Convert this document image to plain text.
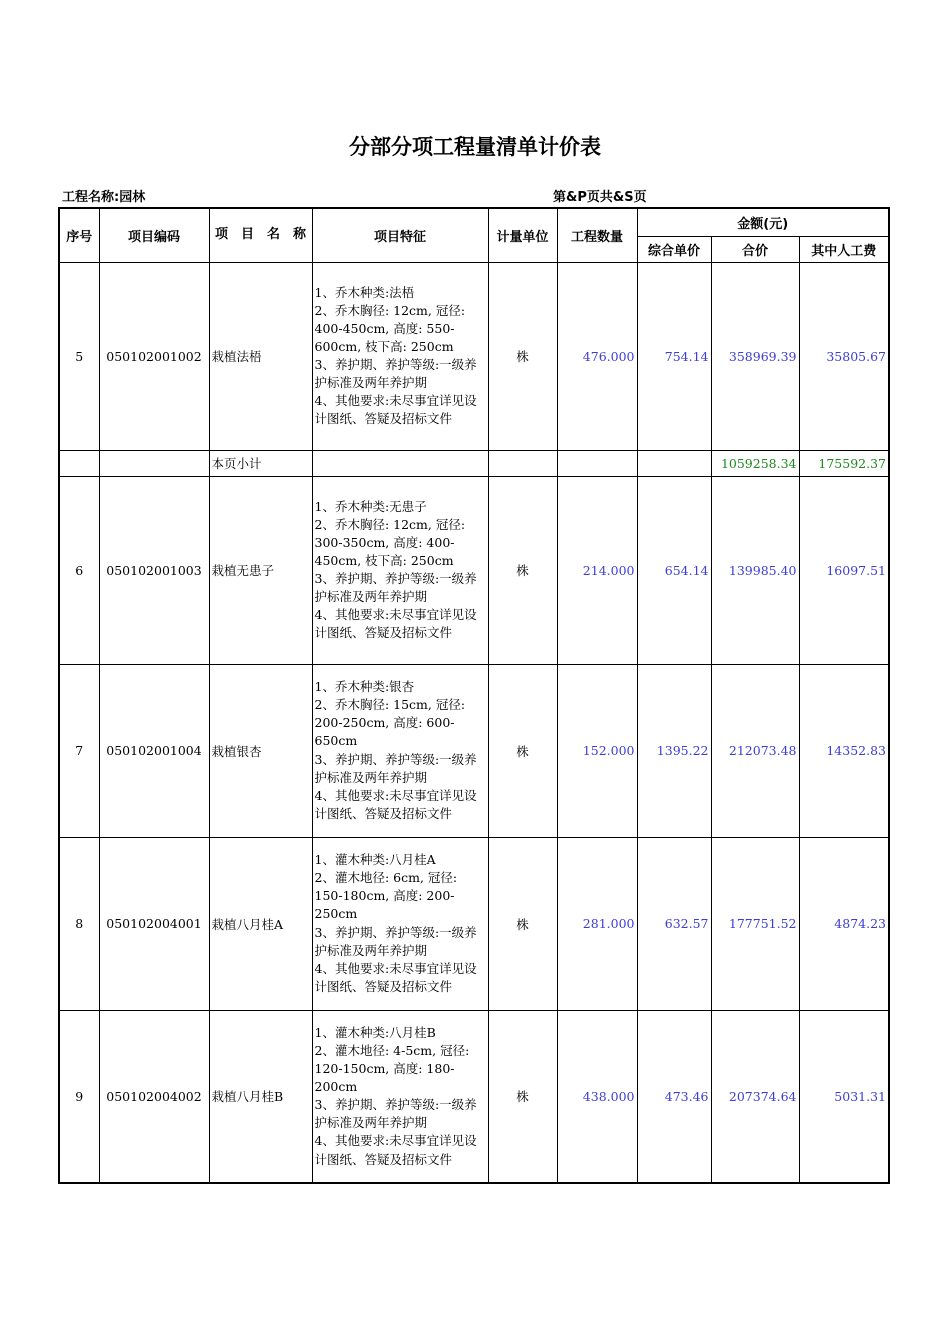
分部分项工程量清单计价表
工程名称:园林	第&P页共&S页
序号	项目编码	项　目　名　称	项目特征	计量单位	工程数量	金额(元)		
						综合单价	合价	其中人工费
5	050102001002	栽植法梧	1、乔木种类:法梧
2、乔木胸径: 12cm, 冠径: 400-450cm, 高度: 550-600cm, 枝下高: 250cm
3、养护期、养护等级:一级养护标准及两年养护期
4、其他要求:未尽事宜详见设计图纸、答疑及招标文件	株	476.000	754.14	358969.39	35805.67
		本页小计					1059258.34	175592.37
6	050102001003	栽植无患子	1、乔木种类:无患子
2、乔木胸径: 12cm, 冠径: 300-350cm, 高度: 400-450cm, 枝下高: 250cm
3、养护期、养护等级:一级养护标准及两年养护期
4、其他要求:未尽事宜详见设计图纸、答疑及招标文件	株	214.000	654.14	139985.40	16097.51
7	050102001004	栽植银杏	1、乔木种类:银杏
2、乔木胸径: 15cm, 冠径: 200-250cm, 高度: 600-650cm
3、养护期、养护等级:一级养护标准及两年养护期
4、其他要求:未尽事宜详见设计图纸、答疑及招标文件	株	152.000	1395.22	212073.48	14352.83
8	050102004001	栽植八月桂A	1、灌木种类:八月桂A
2、灌木地径: 6cm, 冠径: 150-180cm, 高度: 200-250cm
3、养护期、养护等级:一级养护标准及两年养护期
4、其他要求:未尽事宜详见设计图纸、答疑及招标文件	株	281.000	632.57	177751.52	4874.23
9	050102004002	栽植八月桂B	1、灌木种类:八月桂B
2、灌木地径: 4-5cm, 冠径: 120-150cm, 高度: 180-200cm
3、养护期、养护等级:一级养护标准及两年养护期
4、其他要求:未尽事宜详见设计图纸、答疑及招标文件	株	438.000	473.46	207374.64	5031.31
